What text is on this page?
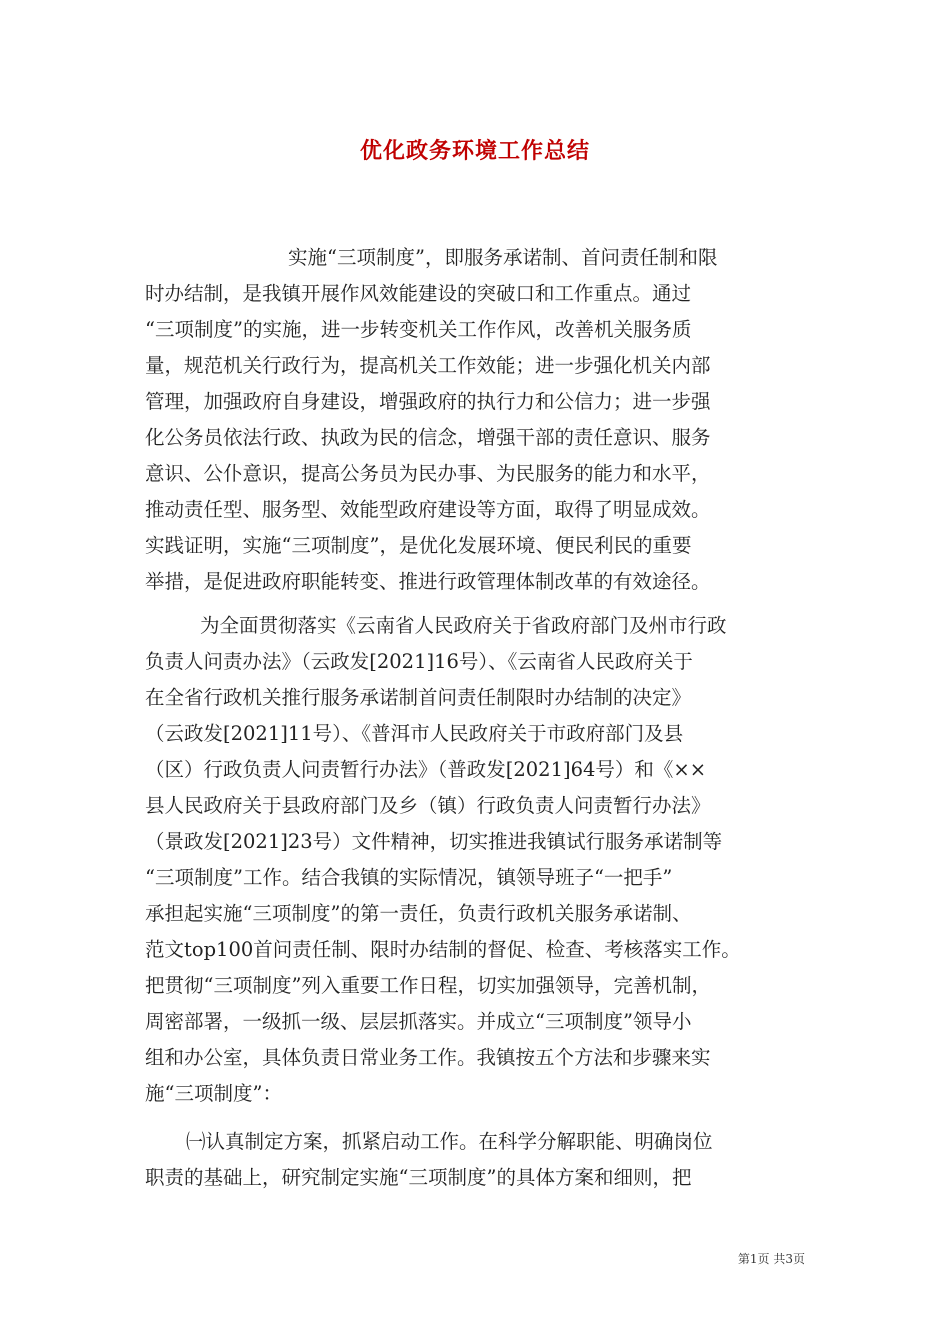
优化政务环境工作总结
实施“三项制度”，即服务承诺制、首问责任制和限
时办结制，是我镇开展作风效能建设的突破口和工作重点。通过
“三项制度”的实施，进一步转变机关工作作风，改善机关服务质
量，规范机关行政行为，提高机关工作效能；进一步强化机关内部
管理，加强政府自身建设，增强政府的执行力和公信力；进一步强
化公务员依法行政、执政为民的信念，增强干部的责任意识、服务
意识、公仆意识，提高公务员为民办事、为民服务的能力和水平，
推动责任型、服务型、效能型政府建设等方面，取得了明显成效。
实践证明，实施“三项制度”，是优化发展环境、便民利民的重要
举措，是促进政府职能转变、推进行政管理体制改革的有效途径。
为全面贯彻落实《云南省人民政府关于省政府部门及州市行政
负责人问责办法》（云政发[2021]16号）、《云南省人民政府关于
在全省行政机关推行服务承诺制首问责任制限时办结制的决定》
（云政发[2021]11号）、《普洱市人民政府关于市政府部门及县
（区）行政负责人问责暂行办法》（普政发[2021]64号）和《××
县人民政府关于县政府部门及乡（镇）行政负责人问责暂行办法》
（景政发[2021]23号）文件精神，切实推进我镇试行服务承诺制等
“三项制度”工作。结合我镇的实际情况，镇领导班子“一把手”
承担起实施“三项制度”的第一责任，负责行政机关服务承诺制、
范文top100首问责任制、限时办结制的督促、检查、考核落实工作。
把贯彻“三项制度”列入重要工作日程，切实加强领导，完善机制，
周密部署，一级抓一级、层层抓落实。并成立“三项制度”领导小
组和办公室，具体负责日常业务工作。我镇按五个方法和步骤来实
施“三项制度”：
㈠认真制定方案，抓紧启动工作。在科学分解职能、明确岗位
职责的基础上，研究制定实施“三项制度”的具体方案和细则，把
第1页 共3页
